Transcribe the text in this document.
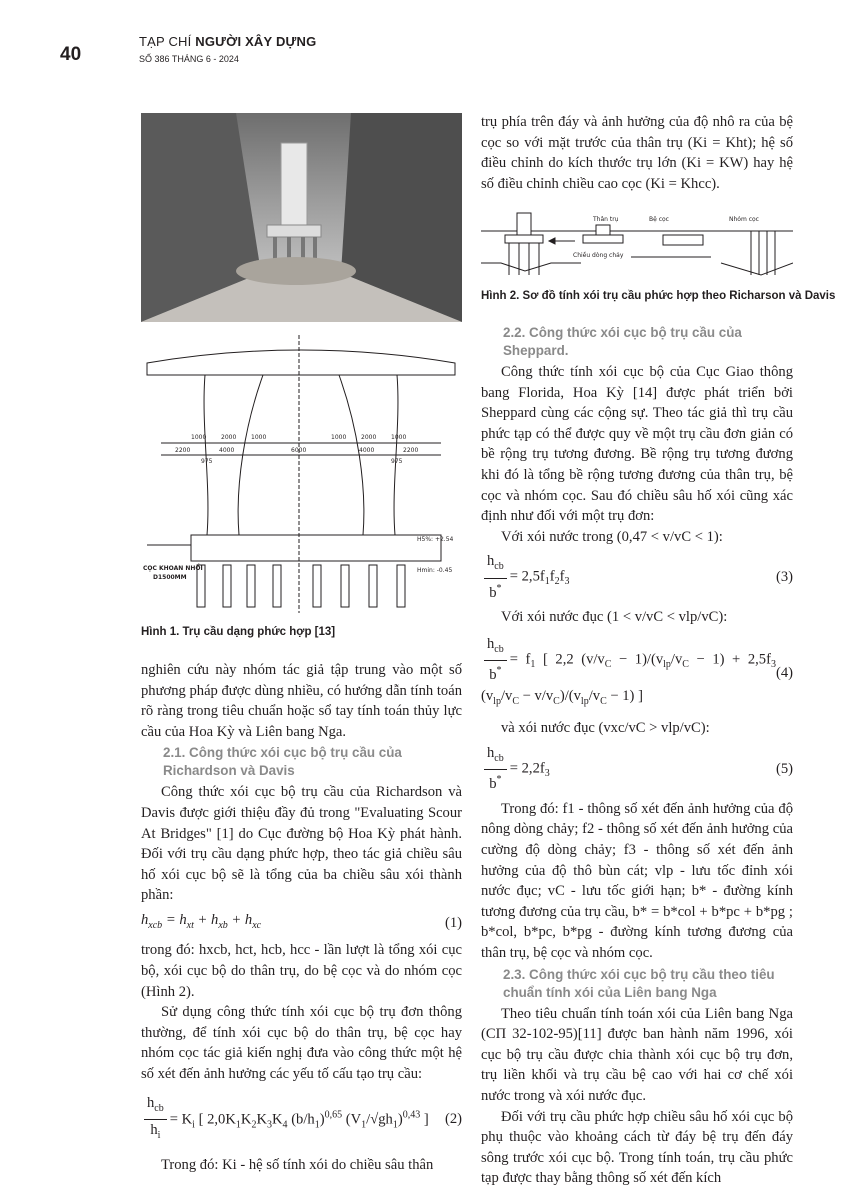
40
TẠP CHÍ NGƯỜI XÂY DỰNG
SỐ 386 THÁNG 6 - 2024
1000 2000 1000	1000 2000 1000
2200	4000	6000	4000	2200
975	975
H5%: +2.54
Hmin: -0.45
CỌC KHOAN NHỒI
D1500MM
Hình 1. Trụ cầu dạng phức hợp [13]
Thân trụ	Bệ cọc	Nhóm cọc
Chiều dòng chảy
Hình 2. Sơ đồ tính xói trụ cầu phức hợp theo Richarson và Davis

nghiên cứu này nhóm tác giả tập trung vào một số phương pháp được dùng nhiều, có hướng dẫn tính toán rõ ràng trong tiêu chuẩn hoặc sổ tay tính toán thủy lực cầu của Hoa Kỳ và Liên bang Nga.

2.1. Công thức xói cục bộ trụ cầu của Richardson và Davis

Công thức xói cục bộ trụ cầu của Richardson và Davis được giới thiệu đầy đủ trong "Evaluating Scour At Bridges" [1] do Cục đường bộ Hoa Kỳ phát hành. Đối với trụ cầu dạng phức hợp, theo tác giả chiều sâu hố xói cục bộ sẽ là tổng của ba chiều sâu xói thành phần:

$h_{xcb} = h_{xt} + h_{xb} + h_{xc}$	(1)

trong đó: hxcb, hct, hcb, hcc - lần lượt là tổng xói cục bộ, xói cục bộ do thân trụ, do bệ cọc và do nhóm cọc (Hình 2).

Sử dụng công thức tính xói cục bộ trụ đơn thông thường, để tính xói cục bộ do thân trụ, bệ cọc hay nhóm cọc tác giả kiến nghị đưa vào công thức một hệ số xét đến ảnh hưởng các yếu tố cấu tạo trụ cầu:

$\frac{h_{cb}}{h_i} = K_i$ [ $2,0K_1K_2K_3K_4$ $(b/h_1)^{0,65}$ $(V_1/√gh_1)^{0,43}$ ] (2)

Trong đó: Ki - hệ số tính xói do chiều sâu thân

trụ phía trên đáy và ảnh hưởng của độ nhô ra của bệ cọc so với mặt trước của thân trụ (Ki = Kht); hệ số điều chỉnh do kích thước trụ lớn (Ki = KW) hay hệ số điều chỉnh chiều cao cọc (Ki = Khcc).

2.2. Công thức xói cục bộ trụ cầu của Sheppard.

Công thức tính xói cục bộ của Cục Giao thông bang Florida, Hoa Kỳ [14] được phát triển bởi Sheppard cùng các cộng sự. Theo tác giả thì trụ cầu phức tạp có thể được quy về một trụ cầu đơn giản có bề rộng trụ tương đương. Bề rộng trụ tương đương khi đó là tổng bề rộng tương đương của thân trụ, bệ cọc và nhóm cọc. Sau đó chiều sâu hố xói cũng xác định như đối với một trụ đơn:

Với xói nước trong (0,47 < v/vC < 1):

$\frac{h_{cb}}{b^*} = 2,5f_1f_2f_3$	(3)

Với xói nước đục (1 < v/vC < vlp/vC):

$\frac{h_{cb}}{b^*} = f_1$ [ 2,2 $(v/v_C - 1)/(v_{lp}/v_C - 1) + 2,5f_3$ $(v_{lp}/v_C - v/v_C)/(v_{lp}/v_C - 1)$ ]
(4)

và xói nước đục (vxc/vC > vlp/vC):

$\frac{h_{cb}}{b^*} = 2,2f_3$	(5)

Trong đó: f1 - thông số xét đến ảnh hưởng của độ nông dòng chảy; f2 - thông số xét đến ảnh hưởng của cường độ dòng chảy; f3 - thông số xét đến ảnh hưởng của độ thô bùn cát; vlp - lưu tốc đỉnh xói nước đục; vC - lưu tốc giới hạn; b* - đường kính tương đương của trụ cầu, b* = b*col + b*pc + b*pg ; b*col, b*pc, b*pg - đường kính tương đương của thân trụ, bệ cọc và nhóm cọc.

2.3. Công thức xói cục bộ trụ cầu theo tiêu chuẩn tính xói của Liên bang Nga

Theo tiêu chuẩn tính toán xói của Liên bang Nga (СП 32-102-95)[11] được ban hành năm 1996, xói cục bộ trụ cầu được chia thành xói cục bộ trụ đơn, trụ liền khối và trụ cầu bệ cao với hai cơ chế xói nước trong và xói nước đục.

Đối với trụ cầu phức hợp chiều sâu hố xói cục bộ phụ thuộc vào khoảng cách từ đáy bệ trụ đến đáy sông trước xói cục bộ. Trong tính toán, trụ cầu phức tạp được thay bằng thông số xét đến kích
